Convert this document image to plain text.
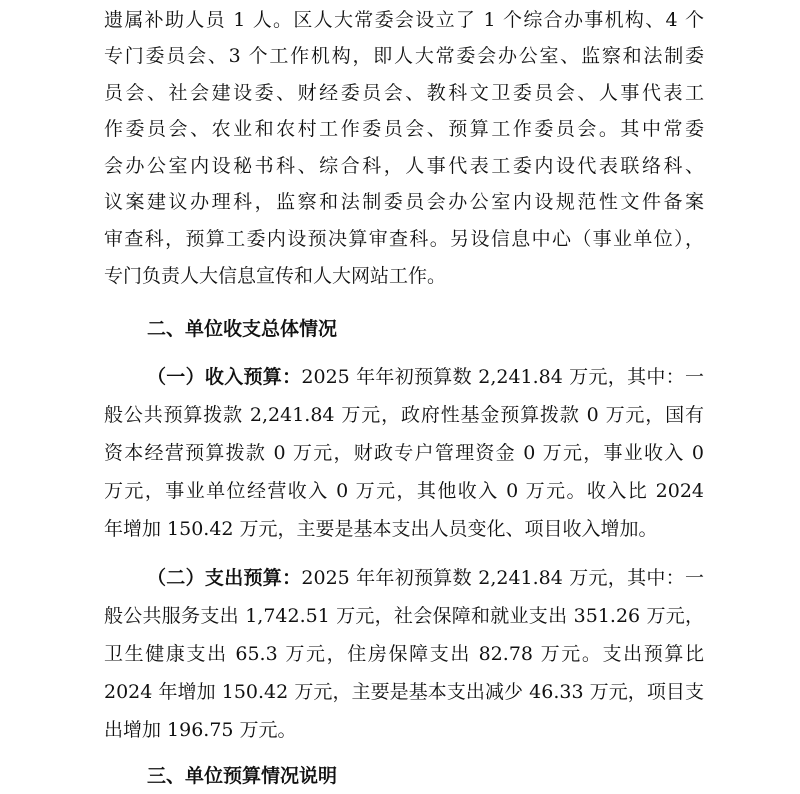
遗属补助人员 1 人。区人大常委会设立了 1 个综合办事机构、4 个
专门委员会、3 个工作机构，即人大常委会办公室、监察和法制委
员会、社会建设委、财经委员会、教科文卫委员会、人事代表工
作委员会、农业和农村工作委员会、预算工作委员会。其中常委
会办公室内设秘书科、综合科，人事代表工委内设代表联络科、
议案建议办理科，监察和法制委员会办公室内设规范性文件备案
审查科，预算工委内设预决算审查科。另设信息中心（事业单位），
专门负责人大信息宣传和人大网站工作。
二、单位收支总体情况
（一）收入预算：2025 年年初预算数 2,241.84 万元，其中：一
般公共预算拨款 2,241.84 万元，政府性基金预算拨款 0 万元，国有
资本经营预算拨款 0 万元，财政专户管理资金 0 万元，事业收入 0
万元，事业单位经营收入 0 万元，其他收入 0 万元。收入比 2024
年增加 150.42 万元，主要是基本支出人员变化、项目收入增加。
（二）支出预算：2025 年年初预算数 2,241.84 万元，其中：一
般公共服务支出 1,742.51 万元，社会保障和就业支出 351.26 万元，
卫生健康支出 65.3 万元，住房保障支出 82.78 万元。支出预算比
2024 年增加 150.42 万元，主要是基本支出减少 46.33 万元，项目支
出增加 196.75 万元。
三、单位预算情况说明
